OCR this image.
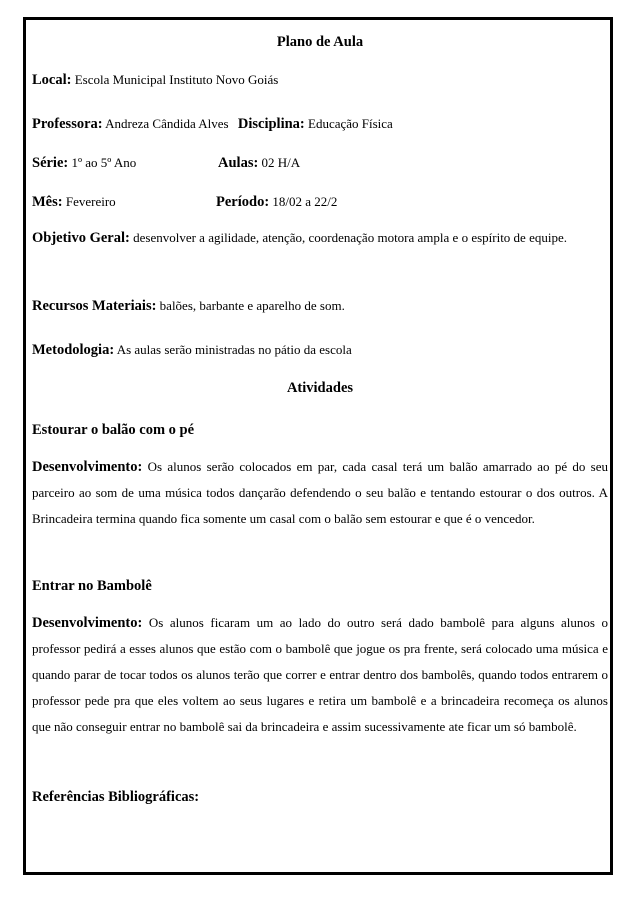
Plano de Aula
Local: Escola Municipal Instituto Novo Goiás
Professora: Andreza Cândida Alves Disciplina: Educação Física
Série: 1º ao 5º Ano	Aulas: 02 H/A
Mês: Fevereiro	Período: 18/02 a 22/2
Objetivo Geral: desenvolver a agilidade, atenção, coordenação motora ampla e o espírito de equipe.
Recursos Materiais: balões, barbante e aparelho de som.
Metodologia: As aulas serão ministradas no pátio da escola
Atividades
Estourar o balão com o pé
Desenvolvimento: Os alunos serão colocados em par, cada casal terá um balão amarrado ao pé do seu parceiro ao som de uma música todos dançarão defendendo o seu balão e tentando estourar o dos outros. A Brincadeira termina quando fica somente um casal com o balão sem estourar e que é o vencedor.
Entrar no Bambolê
Desenvolvimento: Os alunos ficaram um ao lado do outro será dado bambolê para alguns alunos o professor pedirá a esses alunos que estão com o bambolê que jogue os pra frente, será colocado uma música e quando parar de tocar todos os alunos terão que correr e entrar dentro dos bambolês, quando todos entrarem o professor pede pra que eles voltem ao seus lugares e retira um bambolê e a brincadeira recomeça os alunos que não conseguir entrar no bambolê sai da brincadeira e assim sucessivamente ate ficar um só bambolê.
Referências Bibliográficas:
